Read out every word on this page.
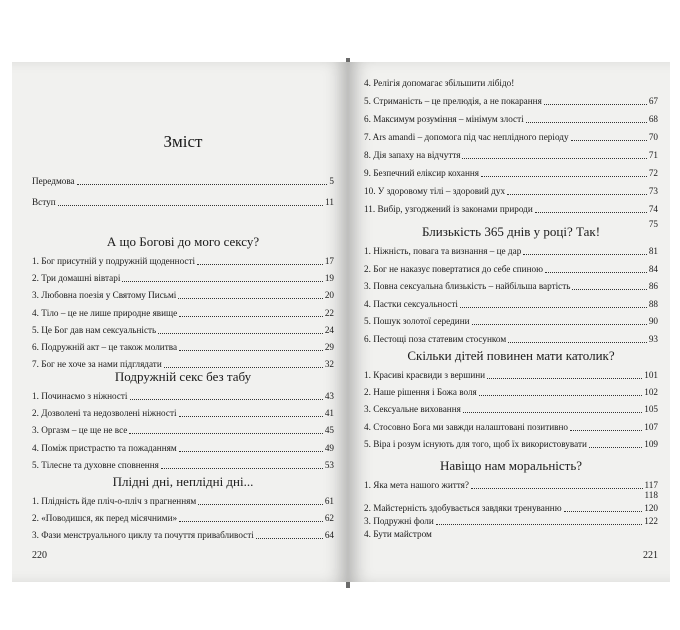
Зміст
Передмова	5
Вступ	11
А що Богові до мого сексу?
1. Бог присутній у подружній щоденності	17
2. Три домашні вівтарі	19
3. Любовна поезія у Святому Письмі	20
4. Тіло – це не лише природне явище	22
5. Це Бог дав нам сексуальність	24
6. Подружній акт – це також молитва	29
7. Бог не хоче за нами підглядати	32
Подружній секс без табу
1. Починаємо з ніжності	43
2. Дозволені та недозволені ніжності	41
3. Оргазм – це ще не все	45
4. Поміж пристрастю та пожаданням	49
5. Тілесне та духовне сповнення	53
Плідні дні, неплідні дні...
1. Плідність йде пліч-о-пліч з прагненням	61
2. «Поводишся, як перед місячними»	62
3. Фази менструального циклу та почуття привабливості	64
220
4. Релігія допомагає збільшити лібідо!
5. Стриманість – це прелюдія, а не покарання	67
6. Максимум розуміння – мінімум злості	68
7. Ars amandi – допомога під час неплідного періоду	70
8. Дія запаху на відчуття	71
9. Безпечний еліксир кохання	72
10. У здоровому тілі – здоровий дух	73
11. Вибір, узгоджений із законами природи	74
75
Близькість 365 днів у році? Так!
1. Ніжність, повага та визнання – це дар	81
2. Бог не наказує повертатися до себе спиною	84
3. Повна сексуальна близькість – найбільша вартість	86
4. Пастки сексуальності	88
5. Пошук золотої середини	90
6. Пестощі поза статевим стосунком	93
Скільки дітей повинен мати католик?
1. Красиві краєвиди з вершини	101
2. Наше рішення і Божа воля	102
3. Сексуальне виховання	105
4. Стосовно Бога ми завжди налаштовані позитивно	107
5. Віра і розум існують для того, щоб їх використовувати	109
Навіщо нам моральність?
1. Яка мета нашого життя?	117
118
2. Майстерність здобувається завдяки тренуванню	120
3. Подружні фоли	122
4. Бути майстром
221
